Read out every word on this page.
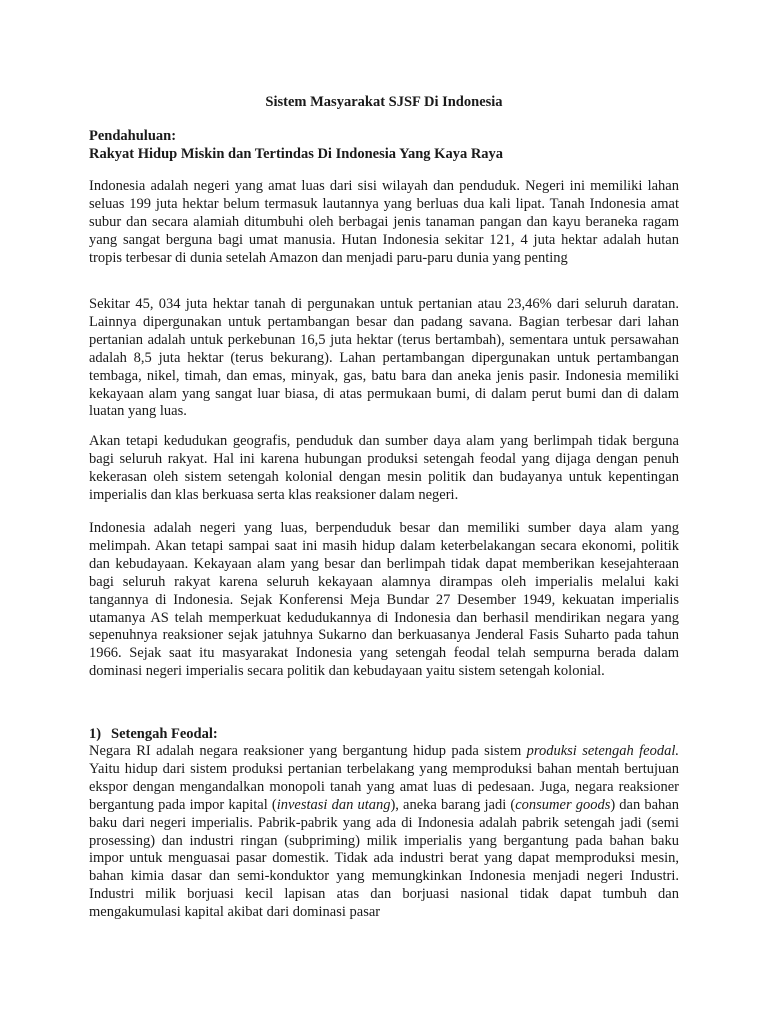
Sistem Masyarakat SJSF Di Indonesia
Pendahuluan:
Rakyat Hidup Miskin dan Tertindas Di Indonesia Yang Kaya Raya
Indonesia adalah negeri yang amat luas dari sisi wilayah dan penduduk. Negeri ini memiliki lahan seluas 199 juta hektar belum termasuk lautannya yang berluas dua kali lipat. Tanah Indonesia amat subur dan secara alamiah ditumbuhi oleh berbagai jenis tanaman pangan dan kayu beraneka ragam yang sangat berguna bagi umat manusia. Hutan Indonesia sekitar 121, 4 juta hektar adalah hutan tropis terbesar di dunia setelah Amazon dan menjadi paru-paru dunia yang penting
Sekitar 45, 034 juta hektar tanah di pergunakan untuk pertanian atau 23,46% dari seluruh daratan. Lainnya dipergunakan untuk pertambangan besar dan padang savana. Bagian terbesar dari lahan pertanian adalah untuk perkebunan 16,5 juta hektar (terus bertambah), sementara untuk persawahan adalah 8,5 juta hektar (terus bekurang). Lahan pertambangan dipergunakan untuk pertambangan tembaga, nikel, timah, dan emas, minyak, gas, batu bara dan aneka jenis pasir. Indonesia memiliki kekayaan alam yang sangat luar biasa, di atas permukaan bumi, di dalam perut bumi dan di dalam luatan yang luas.
Akan tetapi kedudukan geografis, penduduk dan sumber daya alam yang berlimpah tidak berguna bagi seluruh rakyat. Hal ini karena hubungan produksi setengah feodal yang dijaga dengan penuh kekerasan oleh sistem setengah kolonial dengan mesin politik dan budayanya untuk kepentingan imperialis dan klas berkuasa serta klas reaksioner dalam negeri.
Indonesia adalah negeri yang luas, berpenduduk besar dan memiliki sumber daya alam yang melimpah. Akan tetapi sampai saat ini masih hidup dalam keterbelakangan secara ekonomi, politik dan kebudayaan. Kekayaan alam yang besar dan berlimpah tidak dapat memberikan kesejahteraan bagi seluruh rakyat karena seluruh kekayaan alamnya dirampas oleh imperialis melalui kaki tangannya di Indonesia. Sejak Konferensi Meja Bundar 27 Desember 1949, kekuatan imperialis utamanya AS telah memperkuat kedudukannya di Indonesia dan berhasil mendirikan negara yang sepenuhnya reaksioner sejak jatuhnya Sukarno dan berkuasanya Jenderal Fasis Suharto pada tahun 1966. Sejak saat itu masyarakat Indonesia yang setengah feodal telah sempurna berada dalam dominasi negeri imperialis secara politik dan kebudayaan yaitu sistem setengah kolonial.
1) Setengah Feodal:
Negara RI adalah negara reaksioner yang bergantung hidup pada sistem produksi setengah feodal. Yaitu hidup dari sistem produksi pertanian terbelakang yang memproduksi bahan mentah bertujuan ekspor dengan mengandalkan monopoli tanah yang amat luas di pedesaan. Juga, negara reaksioner bergantung pada impor kapital (investasi dan utang), aneka barang jadi (consumer goods) dan bahan baku dari negeri imperialis. Pabrik-pabrik yang ada di Indonesia adalah pabrik setengah jadi (semi prosessing) dan industri ringan (subpriming) milik imperialis yang bergantung pada bahan baku impor untuk menguasai pasar domestik. Tidak ada industri berat yang dapat memproduksi mesin, bahan kimia dasar dan semi-konduktor yang memungkinkan Indonesia menjadi negeri Industri. Industri milik borjuasi kecil lapisan atas dan borjuasi nasional tidak dapat tumbuh dan mengakumulasi kapital akibat dari dominasi pasar
